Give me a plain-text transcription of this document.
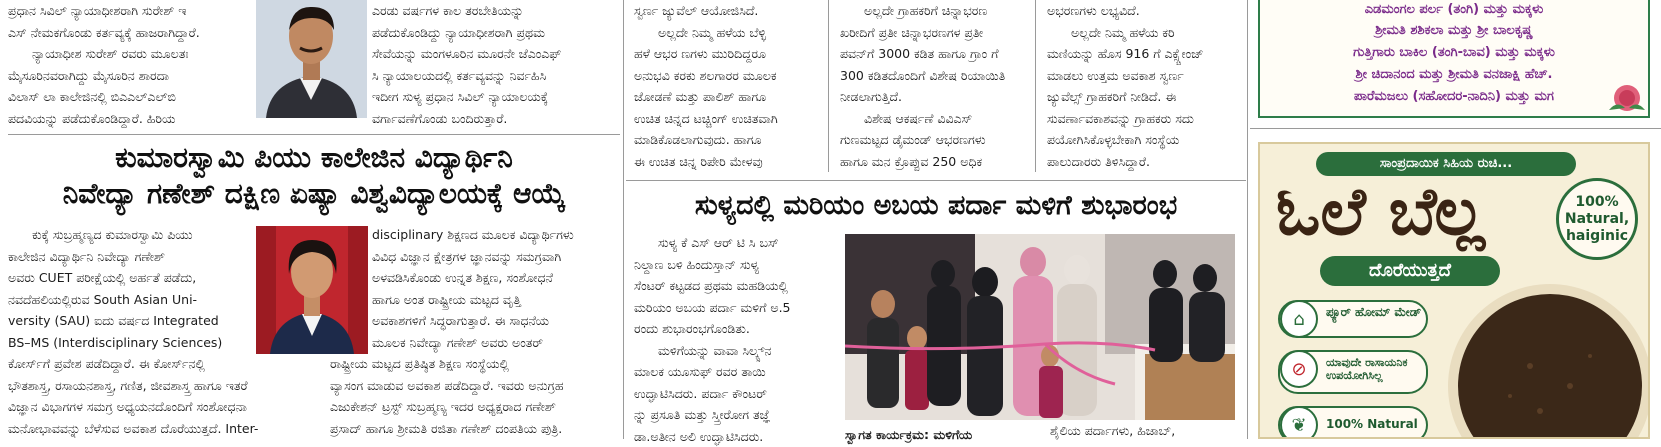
ಪ್ರಧಾನ ಸಿವಿಲ್ ನ್ಯಾಯಾಧೀಶರಾಗಿ ಸುರೇಶ್ ಇ
ಎಸ್ ನೇಮಕಗೊಂಡು ಕರ್ತವ್ಯಕ್ಕೆ ಹಾಜರಾಗಿದ್ದಾರೆ.
ನ್ಯಾಯಾಧೀಶ ಸುರೇಶ್ ರವರು ಮೂಲತಃ
ಮೈಸೂರಿನವರಾಗಿದ್ದು ಮೈಸೂರಿನ ಶಾರದಾ
ವಿಲಾಸ್ ಲಾ ಕಾಲೇಜಿನಲ್ಲಿ ಬಿಎಎಲ್‌ಎಲ್‌ಬಿ
ಪದವಿಯನ್ನು ಪಡೆದುಕೊಂಡಿದ್ದಾರೆ. ಹಿರಿಯ
ಎರಡು ವರ್ಷಗಳ ಕಾಲ ತರಬೇತಿಯನ್ನು
ಪಡೆದುಕೊಂಡಿದ್ದು ನ್ಯಾಯಾಧೀಶರಾಗಿ ಪ್ರಥಮ
ಸೇವೆಯನ್ನು ಮಂಗಳೂರಿನ ಮೂರನೇ ಜೆಎಂಎಫ್
ಸಿ ನ್ಯಾಯಾಲಯದಲ್ಲಿ ಕರ್ತವ್ಯವನ್ನು ನಿರ್ವಹಿಸಿ
ಇದೀಗ ಸುಳ್ಯ ಪ್ರಧಾನ ಸಿವಿಲ್ ನ್ಯಾಯಾಲಯಕ್ಕೆ
ವರ್ಗಾವಣೆಗೊಂಡು ಬಂದಿರುತ್ತಾರೆ.
ಕುಮಾರಸ್ವಾಮಿ ಪಿಯು ಕಾಲೇಜಿನ ವಿದ್ಯಾರ್ಥಿನಿ
ನಿವೇದ್ಯಾ ಗಣೇಶ್ ದಕ್ಷಿಣ ಏಷ್ಯಾ ವಿಶ್ವವಿದ್ಯಾಲಯಕ್ಕೆ ಆಯ್ಕೆ
ಕುಕ್ಕೆ ಸುಬ್ರಹ್ಮಣ್ಯದ ಕುಮಾರಸ್ವಾಮಿ ಪಿಯು
ಕಾಲೇಜಿನ ವಿದ್ಯಾರ್ಥಿನಿ ನಿವೇದ್ಯಾ ಗಣೇಶ್
ಅವರು CUET ಪರೀಕ್ಷೆಯಲ್ಲಿ ಅರ್ಹತೆ ಪಡೆದು,
ನವದೆಹಲಿಯಲ್ಲಿರುವ South Asian Uni-
versity (SAU) ಐದು ವರ್ಷದ Integrated
BS–MS (Interdisciplinary Sciences)
ಕೋರ್ಸ್‌ಗೆ ಪ್ರವೇಶ ಪಡೆದಿದ್ದಾರೆ. ಈ ಕೋರ್ಸ್‌ನಲ್ಲಿ
ಭೌತಶಾಸ್ತ್ರ, ರಸಾಯನಶಾಸ್ತ್ರ, ಗಣಿತ, ಜೀವಶಾಸ್ತ್ರ ಹಾಗೂ ಇತರೆ
ವಿಜ್ಞಾನ ವಿಭಾಗಗಳ ಸಮಗ್ರ ಅಧ್ಯಯನದೊಂದಿಗೆ ಸಂಶೋಧನಾ
ಮನೋಭಾವವನ್ನು ಬೆಳೆಸುವ ಅವಕಾಶ ದೊರೆಯುತ್ತದೆ. Inter-
disciplinary ಶಿಕ್ಷಣದ ಮೂಲಕ ವಿದ್ಯಾರ್ಥಿಗಳು
ವಿವಿಧ ವಿಜ್ಞಾನ ಕ್ಷೇತ್ರಗಳ ಜ್ಞಾನವನ್ನು ಸಮಗ್ರವಾಗಿ
ಅಳವಡಿಸಿಕೊಂಡು ಉನ್ನತ ಶಿಕ್ಷಣ, ಸಂಶೋಧನೆ
ಹಾಗೂ ಅಂತ ರಾಷ್ಟ್ರೀಯ ಮಟ್ಟದ ವೃತ್ತಿ
ಅವಕಾಶಗಳಿಗೆ ಸಿದ್ಧರಾಗುತ್ತಾರೆ. ಈ ಸಾಧನೆಯ
ಮೂಲಕ ನಿವೇದ್ಯಾ ಗಣೇಶ್ ಅವರು ಅಂತರ್
ರಾಷ್ಟ್ರೀಯ ಮಟ್ಟದ ಪ್ರತಿಷ್ಠಿತ ಶಿಕ್ಷಣ ಸಂಸ್ಥೆಯಲ್ಲಿ
ವ್ಯಾಸಂಗ ಮಾಡುವ ಅವಕಾಶ ಪಡೆದಿದ್ದಾರೆ. ಇವರು ಅನುಗ್ರಹ
ಎಜುಕೇಶನ್ ಟ್ರಸ್ಟ್ ಸುಬ್ರಹ್ಮಣ್ಯ ಇದರ ಅಧ್ಯಕ್ಷರಾದ ಗಣೇಶ್
ಪ್ರಸಾದ್ ಹಾಗೂ ಶ್ರೀಮತಿ ರಜಿತಾ ಗಣೇಶ್ ದಂಪತಿಯ ಪುತ್ರಿ.
ಸ್ವರ್ಣ ಜ್ಯುವೆಲ್ ಆಯೋಜಿಸಿದೆ.
ಅಲ್ಲದೇ ನಿಮ್ಮ ಹಳೆಯ ಬೆಳ್ಳಿ
ಹಳೆ ಆಭರ ಣಗಳು ಮುರಿದಿದ್ದರೂ
ಅನುಭವಿ ಕರಕು ಶಲಗಾರರ ಮೂಲಕ
ಜೋಡಣೆ ಮತ್ತು ಪಾಲಿಶ್ ಹಾಗೂ
ಉಚಿತ ಚಿನ್ನದ ಟಚ್ಚಿಂಗ್ ಉಚಿತವಾಗಿ
ಮಾಡಿಕೊಡಲಾಗುವುದು. ಹಾಗೂ
ಈ ಉಚಿತ ಚಿನ್ನ ರಿಪೇರಿ ಮೇಳವು
ಅಲ್ಲದೇ ಗ್ರಾಹಕರಿಗೆ ಚಿನ್ನಾಭರಣ
ಖರೀದಿಗೆ ಪ್ರತೀ ಚಿನ್ನಾಭರಣಗಳ ಪ್ರತೀ
ಪವನ್‌ಗೆ 3000 ಕಡಿತ ಹಾಗೂ ಗ್ರಾಂ ಗೆ
300 ಕಡಿತದೊಂದಿಗೆ ವಿಶೇಷ ರಿಯಾಯಿತಿ
ನೀಡಲಾಗುತ್ತಿದೆ.
ವಿಶೇಷ ಆಕರ್ಷಣೆ ವಿವಿಎಸ್
ಗುಣಮಟ್ಟದ ಡೈಮಂಡ್ ಆಭರಣಗಳು
ಹಾಗೂ ಮನ ಕ್ರೊಪ್ಪುವ 250 ಅಧಿಕ
ಅಭರಣಗಳು ಲಭ್ಯವಿದೆ.
ಅಲ್ಲದೇ ನಿಮ್ಮ ಹಳೆಯ ಕರಿ
ಮಣಿಯನ್ನು ಹೊಸ 916 ಗೆ ಎಕ್ಸ್ಚೇಂಜ್
ಮಾಡಲು ಉತ್ತಮ ಅವಕಾಶ ಸ್ವರ್ಣ
ಜ್ಯುವೆಲ್ಸ್ ಗ್ರಾಹಕರಿಗೆ ನೀಡಿದೆ. ಈ
ಸುವರ್ಣಾವಕಾಶವನ್ನು ಗ್ರಾಹಕರು ಸದು
ಪಯೋಗಿಸಿಕೊಳ್ಳಬೇಕಾಗಿ ಸಂಸ್ಥೆಯ
ಪಾಲುದಾರರು ತಿಳಿಸಿದ್ದಾರೆ.
ಸುಳ್ಯದಲ್ಲಿ ಮರಿಯಂ ಅಬಯ ಪರ್ದಾ ಮಳಿಗೆ ಶುಭಾರಂಭ
ಸುಳ್ಯ ಕೆ ಎಸ್ ಆರ್ ಟಿ ಸಿ ಬಸ್
ನಿಲ್ದಾಣ ಬಳಿ ಹಿಂದುಸ್ತಾನ್ ಸುಳ್ಯ
ಸೆಂಟರ್ ಕಟ್ಟಡದ ಪ್ರಥಮ ಮಹಡಿಯಲ್ಲಿ
ಮರಿಯಂ ಅಬಯ ಪರ್ದಾ ಮಳಿಗೆ ಅ.5
ರಂದು ಶುಭಾರಂಭಗೊಂಡಿತು.
ಮಳಿಗೆಯನ್ನು ವಾವಾ ಸಿಲ್ಕ್ಸ್‌ನ
ಮಾಲಕ ಯೂಸುಫ್ ರವರ ತಾಯಿ
ಉದ್ಘಾಟಿಸಿದರು. ಪರ್ದಾ ಕೌಂಟರ್
ನ್ನು ಪ್ರಸೂತಿ ಮತ್ತು ಸ್ತ್ರೀರೋಗ ತಜ್ಞೆ
ಡಾ.ಅತೀನ ಅಲಿ ಉದ್ಘಾಟಿಸಿದರು.	ಸ್ವಾಗತ ಕಾರ್ಯಕ್ರಮ: ಮಳಿಗೆಯ	ಶೈಲಿಯ ಪರ್ದಾಗಳು, ಹಿಜಾಬ್,
ಎಡಮಂಗಲ ಪರ್ಲ (ತಂಗಿ) ಮತ್ತು ಮಕ್ಕಳು
ಶ್ರೀಮತಿ ಶಶಿಕಲಾ ಮತ್ತು ಶ್ರೀ ಬಾಲಕೃಷ್ಣ
ಗುತ್ತಿಗಾರು ಬಾಕಿಲ (ತಂಗಿ-ಬಾವ) ಮತ್ತು ಮಕ್ಕಳು
ಶ್ರೀ ಚಿದಾನಂದ ಮತ್ತು ಶ್ರೀಮತಿ ವನಜಾಕ್ಷಿ ಹೆಚ್.
ಪಾರೆಮಜಲು (ಸಹೋದರ-ನಾದಿನಿ) ಮತ್ತು ಮಗ
ಸಾಂಪ್ರದಾಯಿಕ ಸಿಹಿಯ ರುಚಿ...
ಓಲೆ ಬೆಲ್ಲ
ದೊರೆಯುತ್ತದೆ
100% Natural, haiginic
⌂	ಪ್ಯೂರ್ ಹೋಮ್ ಮೇಡ್
⊘	ಯಾವುದೇ ರಾಸಾಯನಿಕ ಉಪಯೋಗಿಸಿಲ್ಲ
❦	100% Natural
